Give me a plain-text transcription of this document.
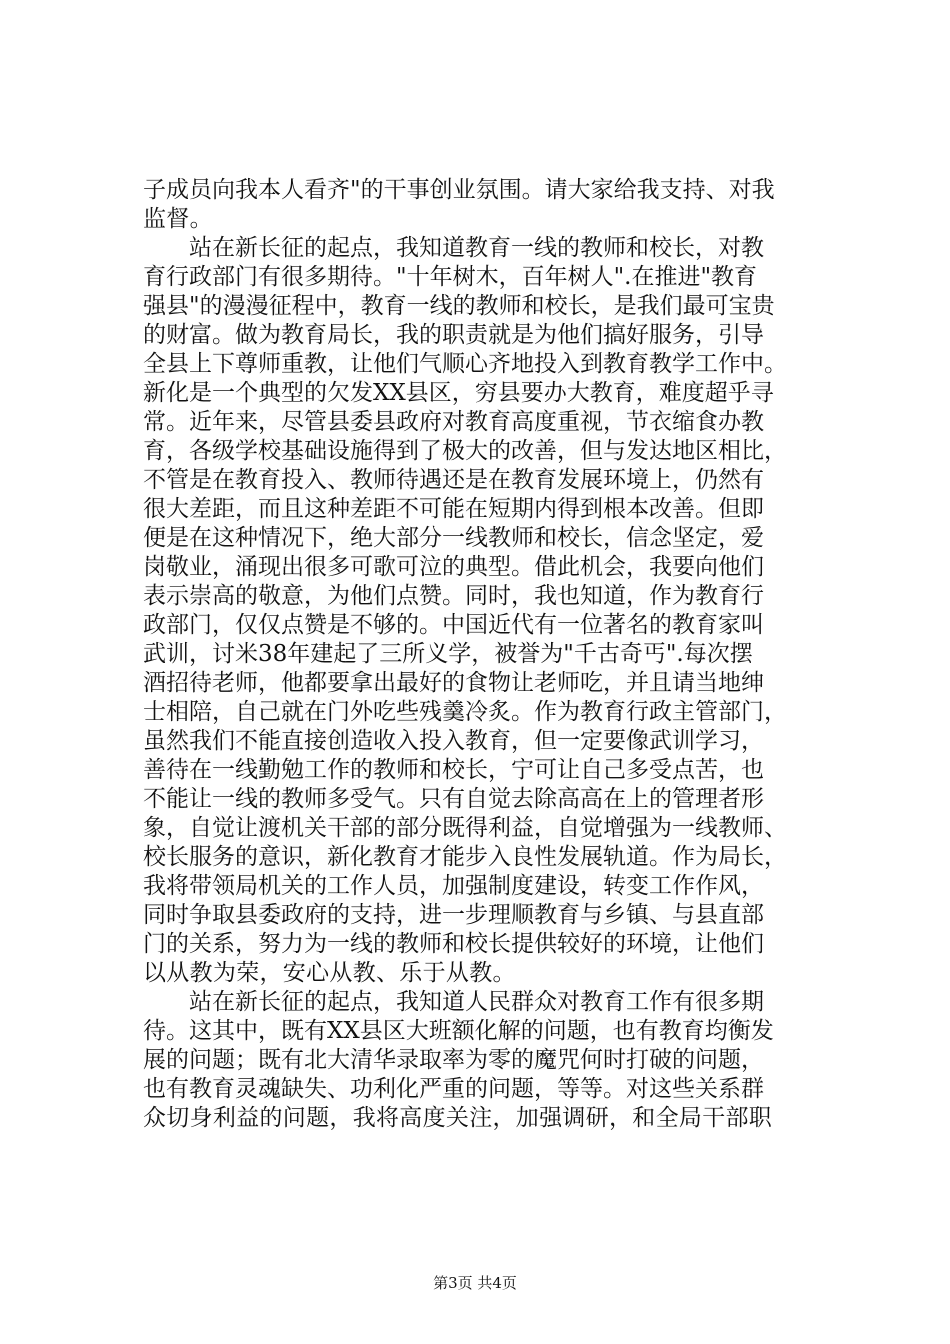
子成员向我本人看齐"的干事创业氛围。请大家给我支持、对我
监督。

　　站在新长征的起点，我知道教育一线的教师和校长，对教
育行政部门有很多期待。"十年树木，百年树人".在推进"教育
强县"的漫漫征程中，教育一线的教师和校长，是我们最可宝贵
的财富。做为教育局长，我的职责就是为他们搞好服务，引导
全县上下尊师重教，让他们气顺心齐地投入到教育教学工作中。
新化是一个典型的欠发XX县区，穷县要办大教育，难度超乎寻
常。近年来，尽管县委县政府对教育高度重视，节衣缩食办教
育，各级学校基础设施得到了极大的改善，但与发达地区相比，
不管是在教育投入、教师待遇还是在教育发展环境上，仍然有
很大差距，而且这种差距不可能在短期内得到根本改善。但即
便是在这种情况下，绝大部分一线教师和校长，信念坚定，爱
岗敬业，涌现出很多可歌可泣的典型。借此机会，我要向他们
表示崇高的敬意，为他们点赞。同时，我也知道，作为教育行
政部门，仅仅点赞是不够的。中国近代有一位著名的教育家叫
武训，讨米38年建起了三所义学，被誉为"千古奇丐".每次摆
酒招待老师，他都要拿出最好的食物让老师吃，并且请当地绅
士相陪，自己就在门外吃些残羹冷炙。作为教育行政主管部门，
虽然我们不能直接创造收入投入教育，但一定要像武训学习，
善待在一线勤勉工作的教师和校长，宁可让自己多受点苦，也
不能让一线的教师多受气。只有自觉去除高高在上的管理者形
象，自觉让渡机关干部的部分既得利益，自觉增强为一线教师、
校长服务的意识，新化教育才能步入良性发展轨道。作为局长，
我将带领局机关的工作人员，加强制度建设，转变工作作风，
同时争取县委政府的支持，进一步理顺教育与乡镇、与县直部
门的关系，努力为一线的教师和校长提供较好的环境，让他们
以从教为荣，安心从教、乐于从教。

　　站在新长征的起点，我知道人民群众对教育工作有很多期
待。这其中，既有XX县区大班额化解的问题，也有教育均衡发
展的问题；既有北大清华录取率为零的魔咒何时打破的问题，
也有教育灵魂缺失、功利化严重的问题，等等。对这些关系群
众切身利益的问题，我将高度关注，加强调研，和全局干部职

第3页 共4页
